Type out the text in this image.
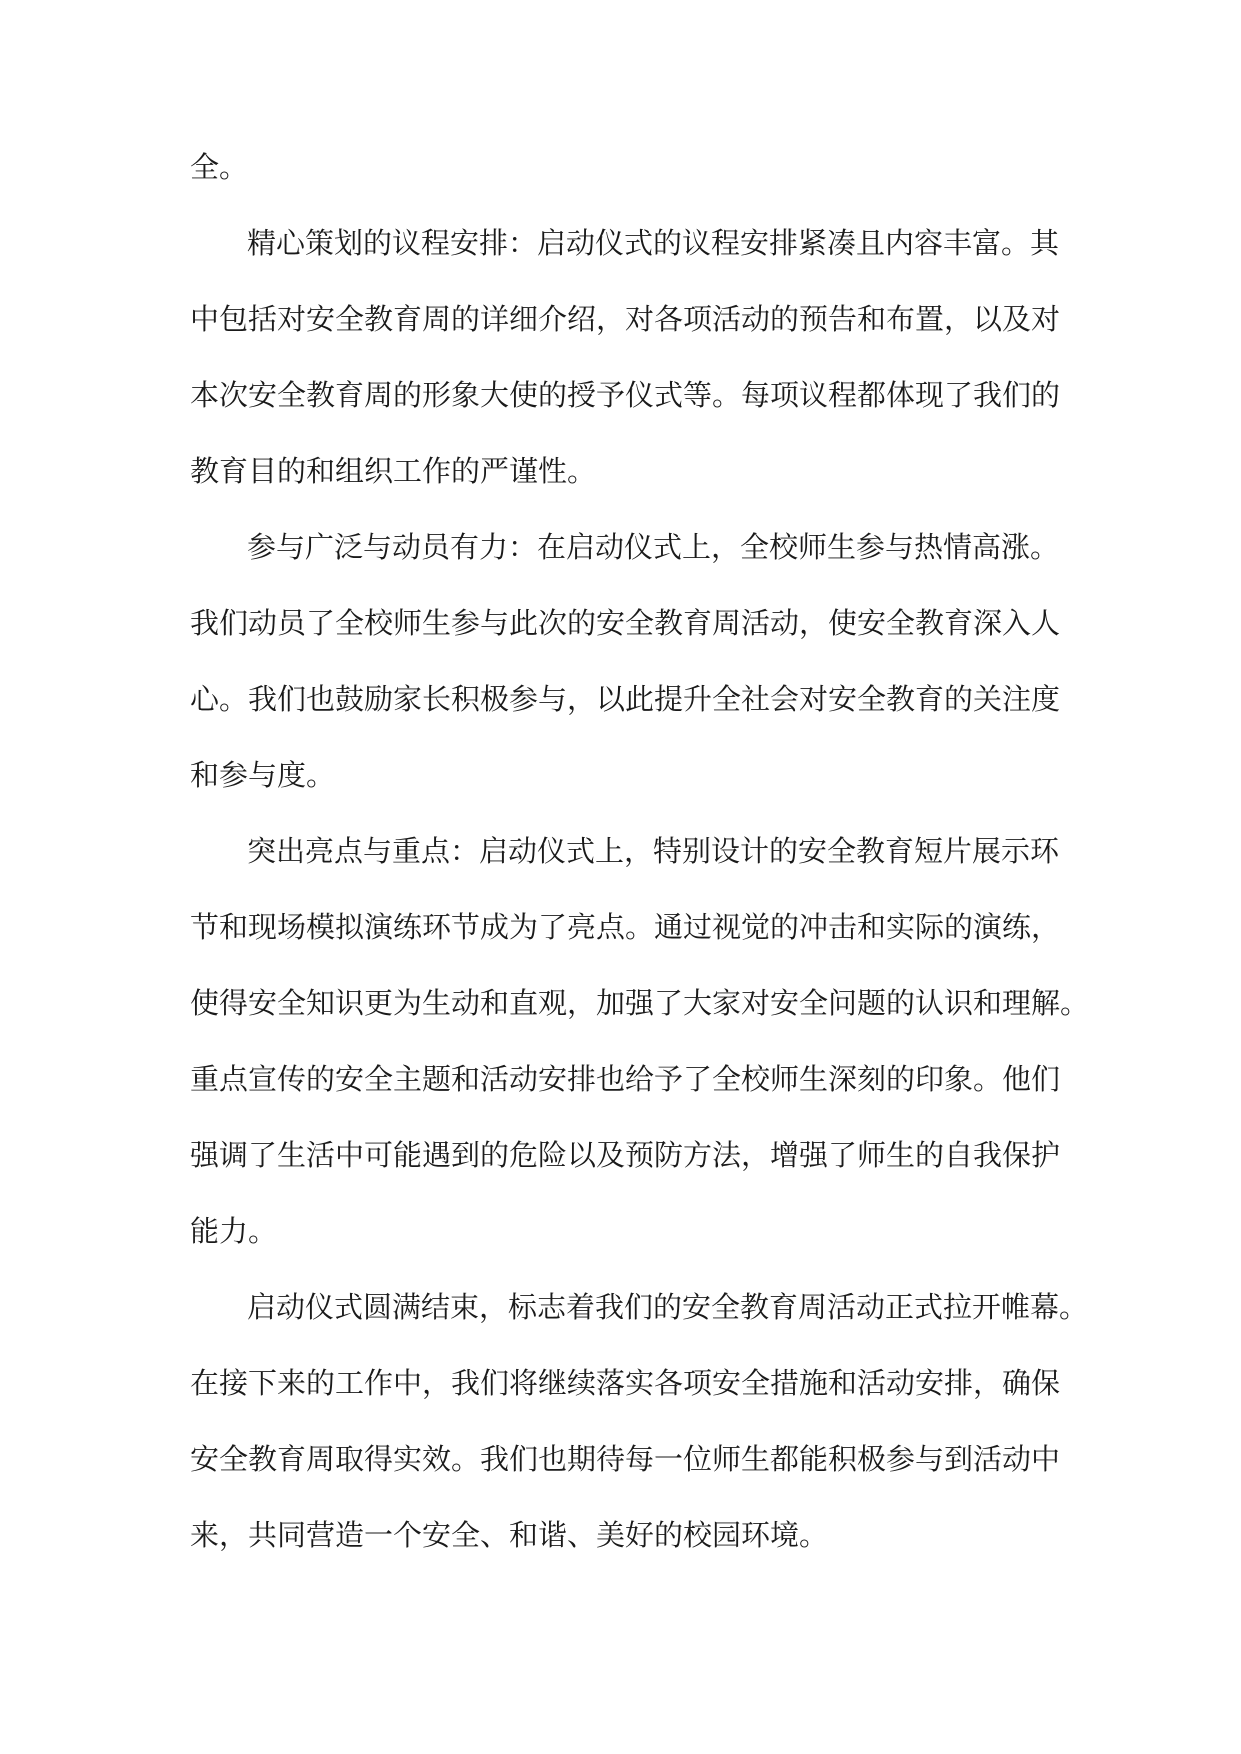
全。

精心策划的议程安排：启动仪式的议程安排紧凑且内容丰富。其

中包括对安全教育周的详细介绍，对各项活动的预告和布置，以及对

本次安全教育周的形象大使的授予仪式等。每项议程都体现了我们的

教育目的和组织工作的严谨性。

参与广泛与动员有力：在启动仪式上，全校师生参与热情高涨。

我们动员了全校师生参与此次的安全教育周活动，使安全教育深入人

心。我们也鼓励家长积极参与，以此提升全社会对安全教育的关注度

和参与度。

突出亮点与重点：启动仪式上，特别设计的安全教育短片展示环

节和现场模拟演练环节成为了亮点。通过视觉的冲击和实际的演练，

使得安全知识更为生动和直观，加强了大家对安全问题的认识和理解。

重点宣传的安全主题和活动安排也给予了全校师生深刻的印象。他们

强调了生活中可能遇到的危险以及预防方法，增强了师生的自我保护

能力。

启动仪式圆满结束，标志着我们的安全教育周活动正式拉开帷幕。

在接下来的工作中，我们将继续落实各项安全措施和活动安排，确保

安全教育周取得实效。我们也期待每一位师生都能积极参与到活动中

来，共同营造一个安全、和谐、美好的校园环境。
